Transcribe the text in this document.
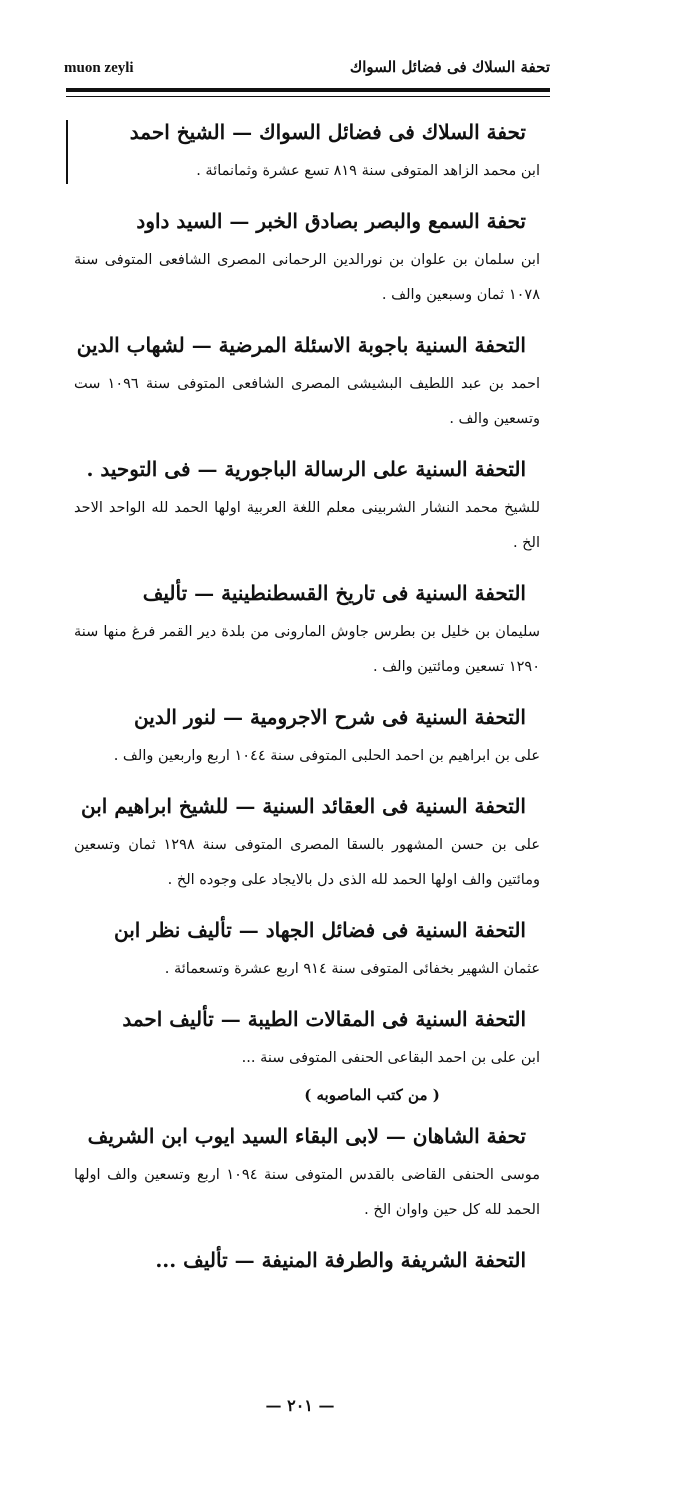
muon zeyli	تحفة السلاك فى فضائل السواك
تحفة السلاك فى فضائل السواك — الشيخ احمد
ابن محمد الزاهد المتوفى سنة ٨١٩ تسع عشرة وثمانمائة .
تحفة السمع والبصر بصادق الخبر — السيد داود
ابن سلمان بن علوان بن نورالدين الرحمانى المصرى الشافعى المتوفى سنة ١٠٧٨ ثمان وسبعين والف .
التحفة السنية باجوبة الاسئلة المرضية — لشهاب الدين
احمد بن عبد اللطيف البشيشى المصرى الشافعى المتوفى سنة ١٠٩٦ ست وتسعين والف .
التحفة السنية على الرسالة الباجورية — فى التوحيد .
للشيخ محمد النشار الشربينى معلم اللغة العربية اولها الحمد لله الواحد الاحد الخ .
التحفة السنية فى تاريخ القسطنطينية — تأليف
سليمان بن خليل بن بطرس جاوش المارونى من بلدة دير القمر فرغ منها سنة ١٢٩٠ تسعين ومائتين والف .
التحفة السنية فى شرح الاجرومية — لنور الدين
على بن ابراهيم بن احمد الحلبى المتوفى سنة ١٠٤٤ اربع واربعين والف .
التحفة السنية فى العقائد السنية — للشيخ ابراهيم ابن
على بن حسن المشهور بالسقا المصرى المتوفى سنة ١٢٩٨ ثمان وتسعين ومائتين والف اولها الحمد لله الذى دل بالايجاد على وجوده الخ .
التحفة السنية فى فضائل الجهاد — تأليف نظر ابن
عثمان الشهير بخفائى المتوفى سنة ٩١٤ اربع عشرة وتسعمائة .
التحفة السنية فى المقالات الطيبة — تأليف احمد
ابن على بن احمد البقاعى الحنفى المتوفى سنة ...
( من كتب الماصوبه )
تحفة الشاهان — لابى البقاء السيد ايوب ابن الشريف
موسى الحنفى القاضى بالقدس المتوفى سنة ١٠٩٤ اربع وتسعين والف اولها الحمد لله كل حين واوان الخ .
التحفة الشريفة والطرفة المنيفة — تأليف ...
— ٢٠١ —
